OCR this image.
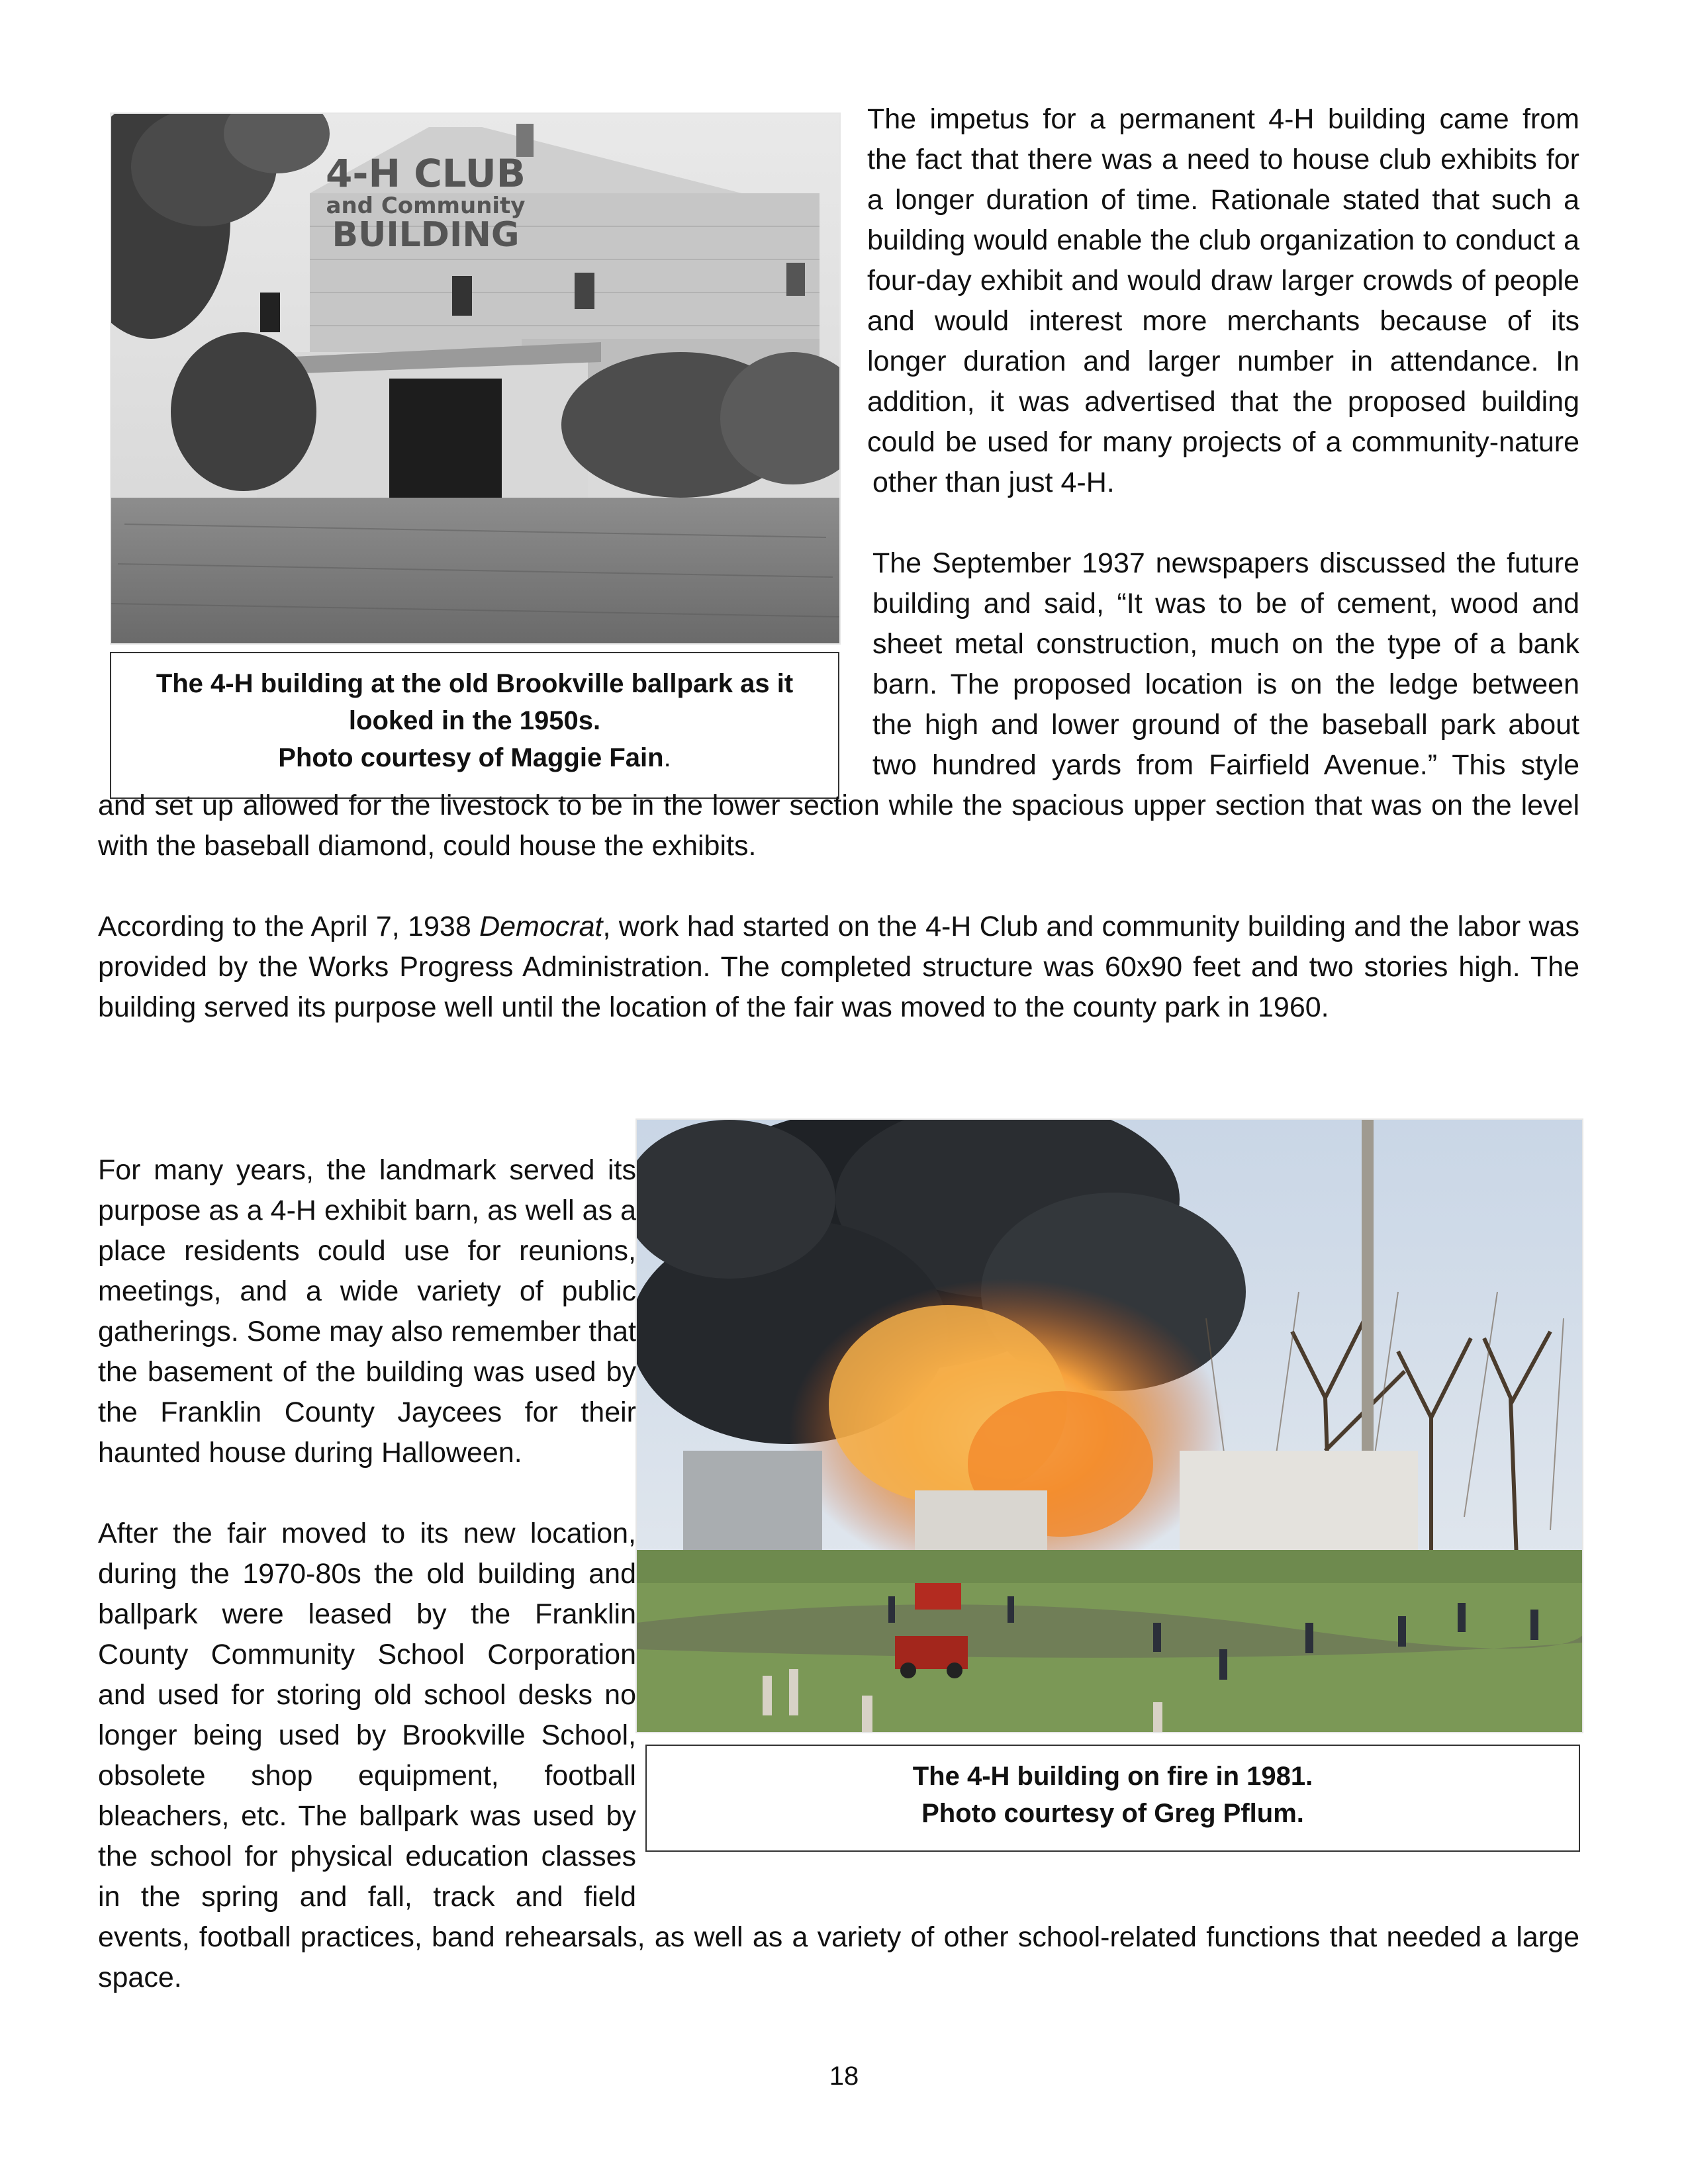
4-H CLUB
and Community
BUILDING
The 4-H building at the old Brookville ballpark as it
looked in the 1950s.
Photo courtesy of Maggie Fain.

The impetus for a permanent 4-H building came from the fact that there was a need to house club exhibits for a longer duration of time. Rationale stated that such a building would enable the club organization to conduct a four-day exhibit and would draw larger crowds of people and would interest more merchants because of its longer duration and larger number in attendance. In addition, it was advertised that the proposed building could be used for many projects of a community-nature other than just 4-H.

The September 1937 newspapers discussed the future building and said, “It was to be of cement, wood and sheet metal construction, much on the type of a bank barn. The proposed location is on the ledge between the high and lower ground of the baseball park about two hundred yards from Fairfield Avenue.” This style and set up allowed for the livestock to be in the lower section while the spacious upper section that was on the level with the baseball diamond, could house the exhibits.

According to the April 7, 1938 Democrat, work had started on the 4-H Club and community building and the labor was provided by the Works Progress Administration. The completed structure was 60x90 feet and two stories high. The building served its purpose well until the location of the fair was moved to the county park in 1960.

The 4-H building on fire in 1981.
Photo courtesy of Greg Pflum.

For many years, the landmark served its purpose as a 4-H exhibit barn, as well as a place residents could use for reunions, meetings, and a wide variety of public gatherings. Some may also remember that the basement of the building was used by the Franklin County Jaycees for their haunted house during Halloween.

After the fair moved to its new location, during the 1970-80s the old building and ballpark were leased by the Franklin County Community School Corporation and used for storing old school desks no longer being used by Brookville School, obsolete shop equipment, football bleachers, etc. The ballpark was used by the school for physical education classes in the spring and fall, track and field events, football practices, band rehearsals, as well as a variety of other school-related functions that needed a large space.

18
